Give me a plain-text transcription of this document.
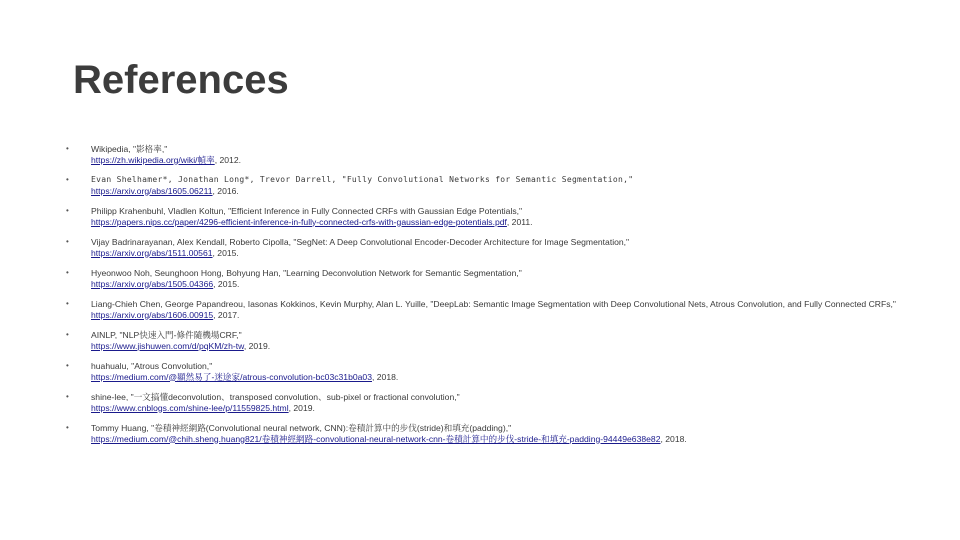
References
•	Wikipedia, "影格率,"
https://zh.wikipedia.org/wiki/幀率, 2012.
•	Evan Shelhamer*, Jonathan Long*, Trevor Darrell, "Fully Convolutional Networks for Semantic Segmentation,"
https://arxiv.org/abs/1605.06211, 2016.
•	Philipp Krahenbuhl, Vladlen Koltun, "Efficient Inference in Fully Connected CRFs with Gaussian Edge Potentials,"
https://papers.nips.cc/paper/4296-efficient-inference-in-fully-connected-crfs-with-gaussian-edge-potentials.pdf, 2011.
•	Vijay Badrinarayanan, Alex Kendall, Roberto Cipolla, "SegNet: A Deep Convolutional Encoder-Decoder Architecture for Image Segmentation,"
https://arxiv.org/abs/1511.00561, 2015.
•	Hyeonwoo Noh, Seunghoon Hong, Bohyung Han, "Learning Deconvolution Network for Semantic Segmentation,"
https://arxiv.org/abs/1505.04366, 2015.
•	Liang-Chieh Chen, George Papandreou, Iasonas Kokkinos, Kevin Murphy, Alan L. Yuille, "DeepLab: Semantic Image Segmentation with Deep Convolutional Nets, Atrous Convolution, and Fully Connected CRFs,"
https://arxiv.org/abs/1606.00915, 2017.
•	AINLP, "NLP快速入門-條件隨機場CRF,"
https://www.jishuwen.com/d/pqKM/zh-tw, 2019.
•	huahualu, "Atrous Convolution,"
https://medium.com/@顯然易了-迷途家/atrous-convolution-bc03c31b0a03, 2018.
•	shine-lee, "一文搞懂deconvolution、transposed convolution、sub-pixel or fractional convolution,"
https://www.cnblogs.com/shine-lee/p/11559825.html, 2019.
•	Tommy Huang, "卷積神經網路(Convolutional neural network, CNN):卷積計算中的步伐(stride)和填充(padding),"
https://medium.com/@chih.sheng.huang821/卷積神經網路-convolutional-neural-network-cnn-卷積計算中的步伐-stride-和填充-padding-94449e638e82, 2018.
